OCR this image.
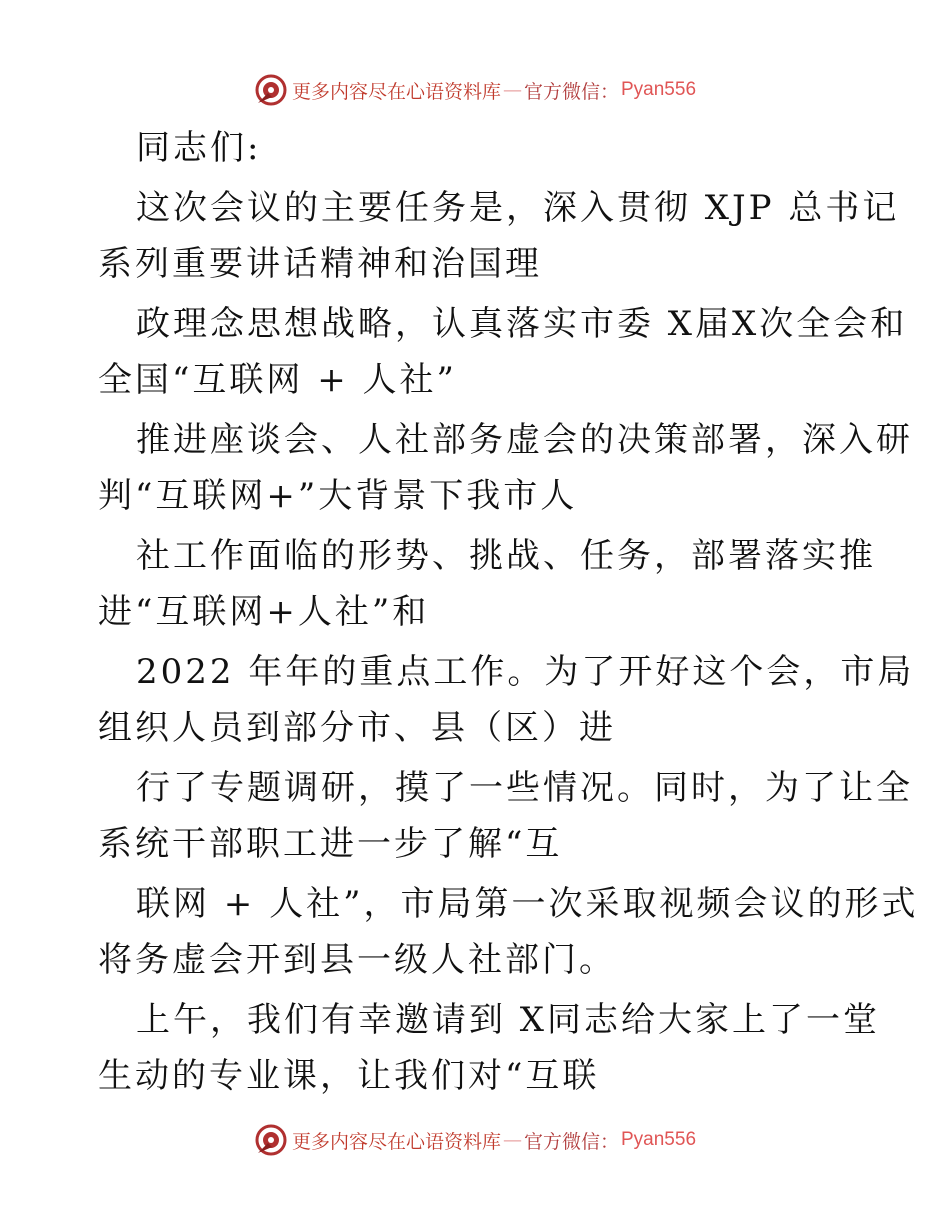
更多内容尽在心语资料库 — 官方微信： Pyan556
同志们:
这次会议的主要任务是，深入贯彻 XJP 总书记
系列重要讲话精神和治国理
政理念思想战略，认真落实市委 X届X次全会和
全国“互联网 + 人社”
推进座谈会、人社部务虚会的决策部署，深入研
判“互联网+”大背景下我市人
社工作面临的形势、挑战、任务，部署落实推
进“互联网+人社”和
2022 年年的重点工作。为了开好这个会，市局
组织人员到部分市、县（区）进
行了专题调研，摸了一些情况。同时，为了让全
系统干部职工进一步了解“互
联网 + 人社”，市局第一次采取视频会议的形式
将务虚会开到县一级人社部门。
上午，我们有幸邀请到 X同志给大家上了一堂
生动的专业课，让我们对“互联
更多内容尽在心语资料库 — 官方微信： Pyan556
